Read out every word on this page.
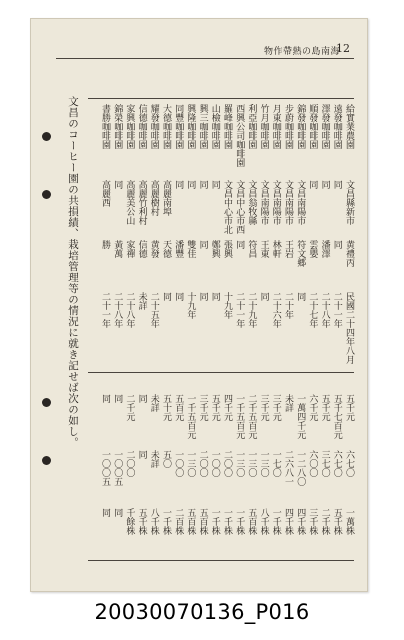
物作帶熱の島南海
12
文昌のコーヒー園の共損績、栽培管理等の情況に就き記せば次の如し。	給實業農園
文昌縣新市
黄禮丙
民國二十四年八月
五千元
六七〇
一萬株
遠發咖啡園
同
同
二十一年
五千七百元
六七〇
五千株
澤發咖啡園
同
潘澤
二十八年
五千元
三七〇
二千株
順發咖啡園
同
雲嬰
二十七年
六千元
六〇〇
三千株
錦發咖啡園
文昌南陽市
符文郷
同
一萬四千元
一二八〇
四千株
步蔚咖啡園
文昌南陽市
王岩
二十年
未詳
二六八一
四千株
月東咖啡園
文昌南陽市
林軒
二十六年
三千元
一七〇
一千株
竹月咖啡園
文昌南陽市
王東
同
三千元
一三〇
八千株
利亞咖啡園
文昌翁牧縣
符昌
二十九年
二千五百元
一三〇
五百株
西興公司咖啡園
文昌中心市西
同
二十一年
一千五百元
一三〇
一千株
羅峰咖啡園
文昌中心市北
張興
十九年
四千元
二〇〇
一千株
山檢咖啡園
同
鄭興
同
五千元
一〇〇
一千株
興三咖啡園
同
同
同
三千元
二〇〇
五百株
興隆咖啡園
同
雙佳
十九年
一千五百元
一三〇
五百株
同豐咖啡園
同
潘豐
同
五百元
一〇〇
二百株
大德咖啡園
高麗南埠
天德
同
五十元
五〇
一千株
耀發咖啡園
高麗樹村
黄發
二十五年
未詳
未詳
八千株
信德咖啡園
高麗竹利村
信德
未詳
同
同
五千株
家興咖啡園
高麗美公山
家禪
二十八年
二千元
二〇〇
千餘株
錦榮咖啡園
同
黃萬
二十八年
同
一〇〇五
同
書勝咖啡園
高麗西
勝
二十一年
同
一〇〇五
同
20030070136_P016
